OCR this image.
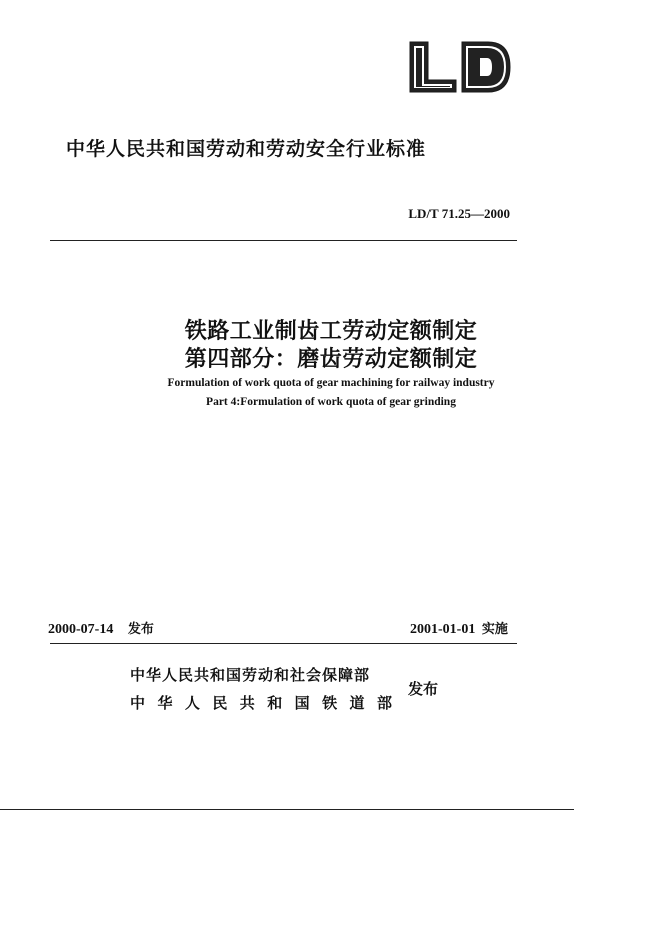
LD
中华人民共和国劳动和劳动安全行业标准
LD/T 71.25—2000
铁路工业制齿工劳动定额制定
第四部分：磨齿劳动定额制定
Formulation of work quota of gear machining for railway industry
Part 4:Formulation of work quota of gear grinding
2000-07-14 发布	2001-01-01 实施
中华人民共和国劳动和社会保障部
中华人民共和国铁道部
发布
